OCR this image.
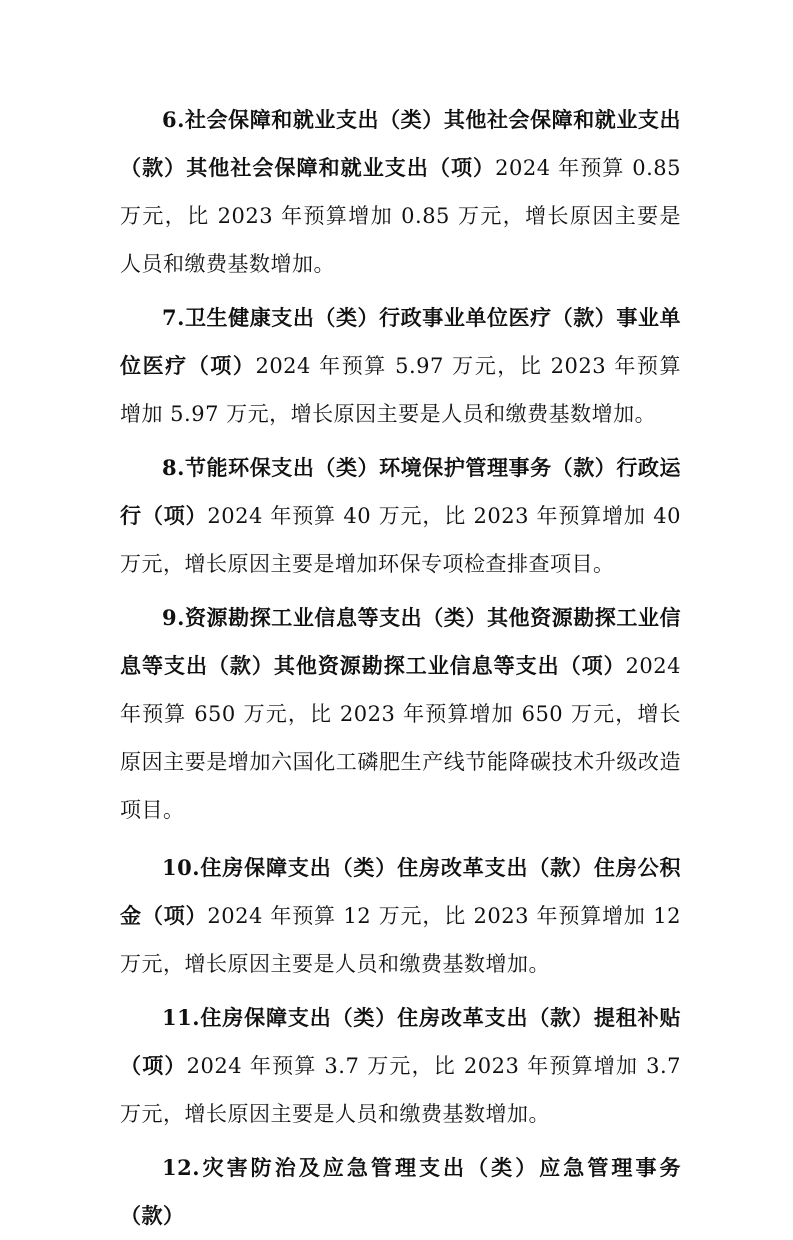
6.社会保障和就业支出（类）其他社会保障和就业支出（款）其他社会保障和就业支出（项）2024 年预算 0.85 万元，比 2023 年预算增加 0.85 万元，增长原因主要是人员和缴费基数增加。

7.卫生健康支出（类）行政事业单位医疗（款）事业单位医疗（项）2024 年预算 5.97 万元，比 2023 年预算增加 5.97 万元，增长原因主要是人员和缴费基数增加。

8.节能环保支出（类）环境保护管理事务（款）行政运行（项）2024 年预算 40 万元，比 2023 年预算增加 40 万元，增长原因主要是增加环保专项检查排查项目。

9.资源勘探工业信息等支出（类）其他资源勘探工业信息等支出（款）其他资源勘探工业信息等支出（项）2024 年预算 650 万元，比 2023 年预算增加 650 万元，增长原因主要是增加六国化工磷肥生产线节能降碳技术升级改造项目。

10.住房保障支出（类）住房改革支出（款）住房公积金（项）2024 年预算 12 万元，比 2023 年预算增加 12 万元，增长原因主要是人员和缴费基数增加。

11.住房保障支出（类）住房改革支出（款）提租补贴（项）2024 年预算 3.7 万元，比 2023 年预算增加 3.7 万元，增长原因主要是人员和缴费基数增加。

12.灾害防治及应急管理支出（类）应急管理事务（款）
